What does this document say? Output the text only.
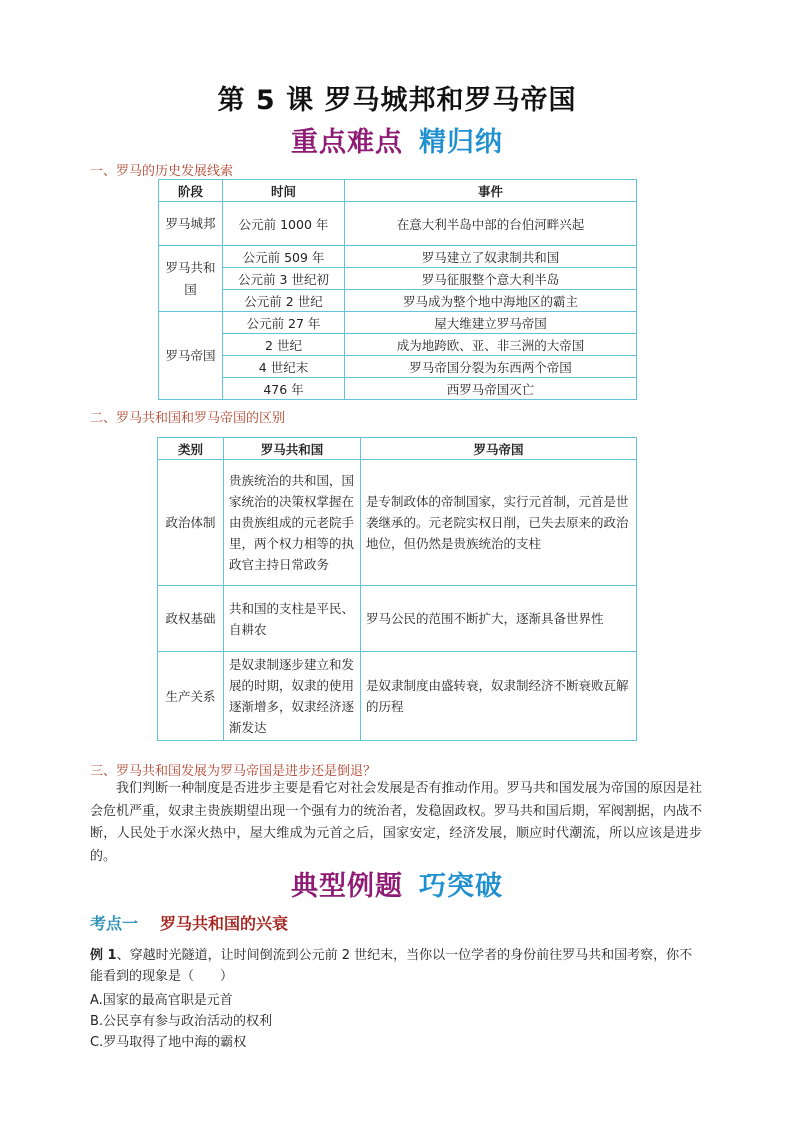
第 5 课 罗马城邦和罗马帝国
重点难点 精归纳
一、罗马的历史发展线索
阶段	时间	事件
罗马城邦	公元前 1000 年	在意大利半岛中部的台伯河畔兴起
罗马共和国	公元前 509 年	罗马建立了奴隶制共和国
	公元前 3 世纪初	罗马征服整个意大利半岛
	公元前 2 世纪	罗马成为整个地中海地区的霸主
罗马帝国	公元前 27 年	屋大维建立罗马帝国
	2 世纪	成为地跨欧、亚、非三洲的大帝国
	4 世纪末	罗马帝国分裂为东西两个帝国
	476 年	西罗马帝国灭亡
二、罗马共和国和罗马帝国的区别
类别	罗马共和国	罗马帝国
政治体制	贵族统治的共和国，国家统治的决策权掌握在由贵族组成的元老院手里，两个权力相等的执政官主持日常政务	是专制政体的帝制国家，实行元首制，元首是世袭继承的。元老院实权日削，已失去原来的政治地位，但仍然是贵族统治的支柱
政权基础	共和国的支柱是平民、自耕农	罗马公民的范围不断扩大，逐渐具备世界性
生产关系	是奴隶制逐步建立和发展的时期，奴隶的使用逐渐增多，奴隶经济逐渐发达	是奴隶制度由盛转衰，奴隶制经济不断衰败瓦解的历程
三、罗马共和国发展为罗马帝国是进步还是倒退？
我们判断一种制度是否进步主要是看它对社会发展是否有推动作用。罗马共和国发展为帝国的原因是社会危机严重，奴隶主贵族期望出现一个强有力的统治者，发稳固政权。罗马共和国后期，军阀割据，内战不断，人民处于水深火热中，屋大维成为元首之后，国家安定，经济发展，顺应时代潮流，所以应该是进步的。
典型例题 巧突破
考点一 罗马共和国的兴衰
例 1、穿越时光隧道，让时间倒流到公元前 2 世纪末，当你以一位学者的身份前往罗马共和国考察，你不能看到的现象是（　　）
A.国家的最高官职是元首
B.公民享有参与政治活动的权利
C.罗马取得了地中海的霸权
